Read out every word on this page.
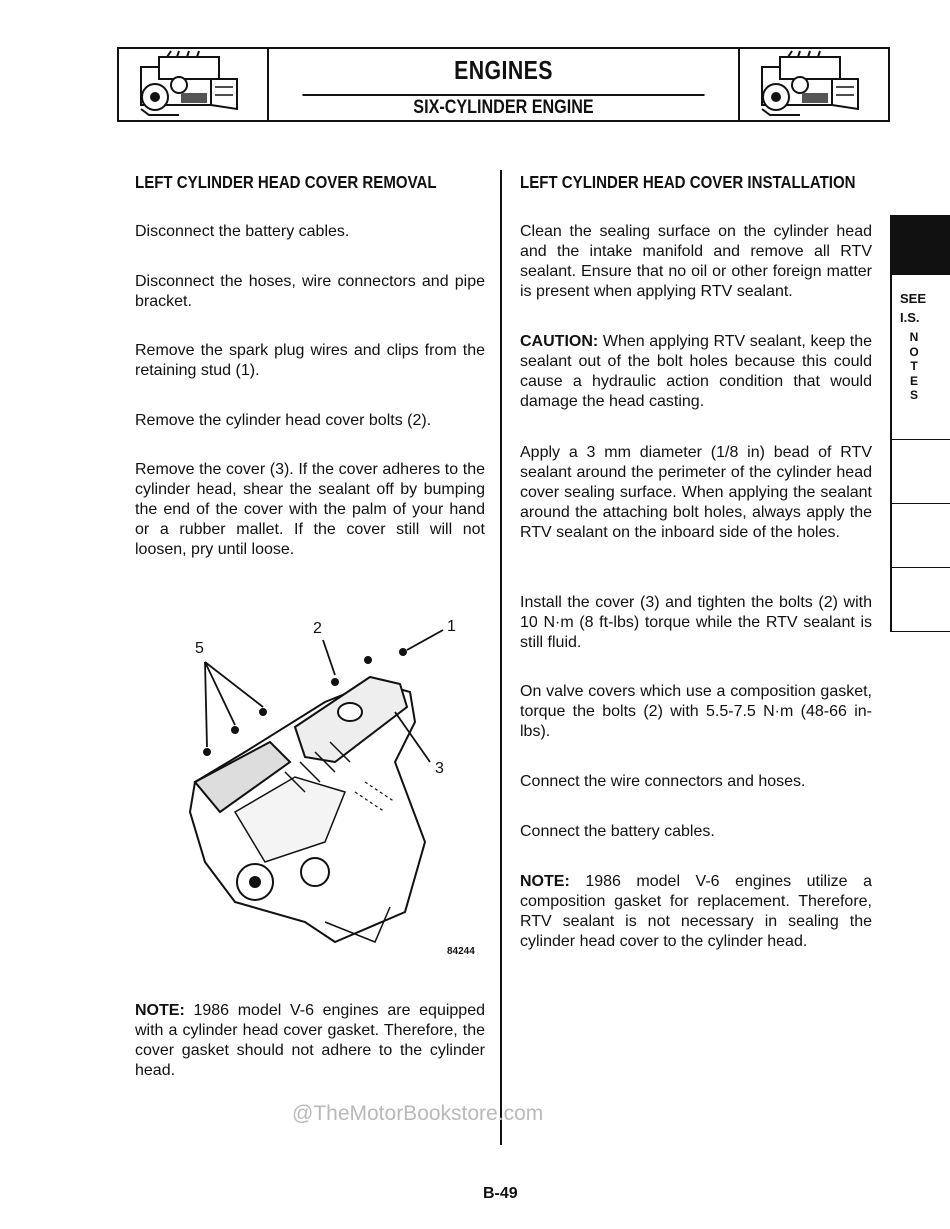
ENGINES
SIX-CYLINDER ENGINE
LEFT CYLINDER HEAD COVER REMOVAL
Disconnect the battery cables.
Disconnect the hoses, wire connectors and pipe bracket.
Remove the spark plug wires and clips from the retaining stud (1).
Remove the cylinder head cover bolts (2).
Remove the cover (3). If the cover adheres to the cylinder head, shear the sealant off by bumping the end of the cover with the palm of your hand or a rubber mallet. If the cover still will not loosen, pry until loose.
NOTE: 1986 model V-6 engines are equipped with a cylinder head cover gasket. Therefore, the cover gasket should not adhere to the cylinder head.
5
2	1
3
84244
LEFT CYLINDER HEAD COVER INSTALLATION
Clean the sealing surface on the cylinder head and the intake manifold and remove all RTV sealant. Ensure that no oil or other foreign matter is present when applying RTV sealant.
CAUTION: When applying RTV sealant, keep the sealant out of the bolt holes because this could cause a hydraulic action condition that would damage the head casting.
Apply a 3 mm diameter (1/8 in) bead of RTV sealant around the perimeter of the cylinder head cover sealing surface. When applying the sealant around the attaching bolt holes, always apply the RTV sealant on the inboard side of the holes.
Install the cover (3) and tighten the bolts (2) with 10 N·m (8 ft-lbs) torque while the RTV sealant is still fluid.
On valve covers which use a composition gasket, torque the bolts (2) with 5.5-7.5 N·m (48-66 in-lbs).
Connect the wire connectors and hoses.
Connect the battery cables.
NOTE: 1986 model V-6 engines utilize a composition gasket for replacement. Therefore, RTV sealant is not necessary in sealing the cylinder head cover to the cylinder head.
SEE
I.S.
N
O
T
E
S
@TheMotorBookstore.com
B-49
